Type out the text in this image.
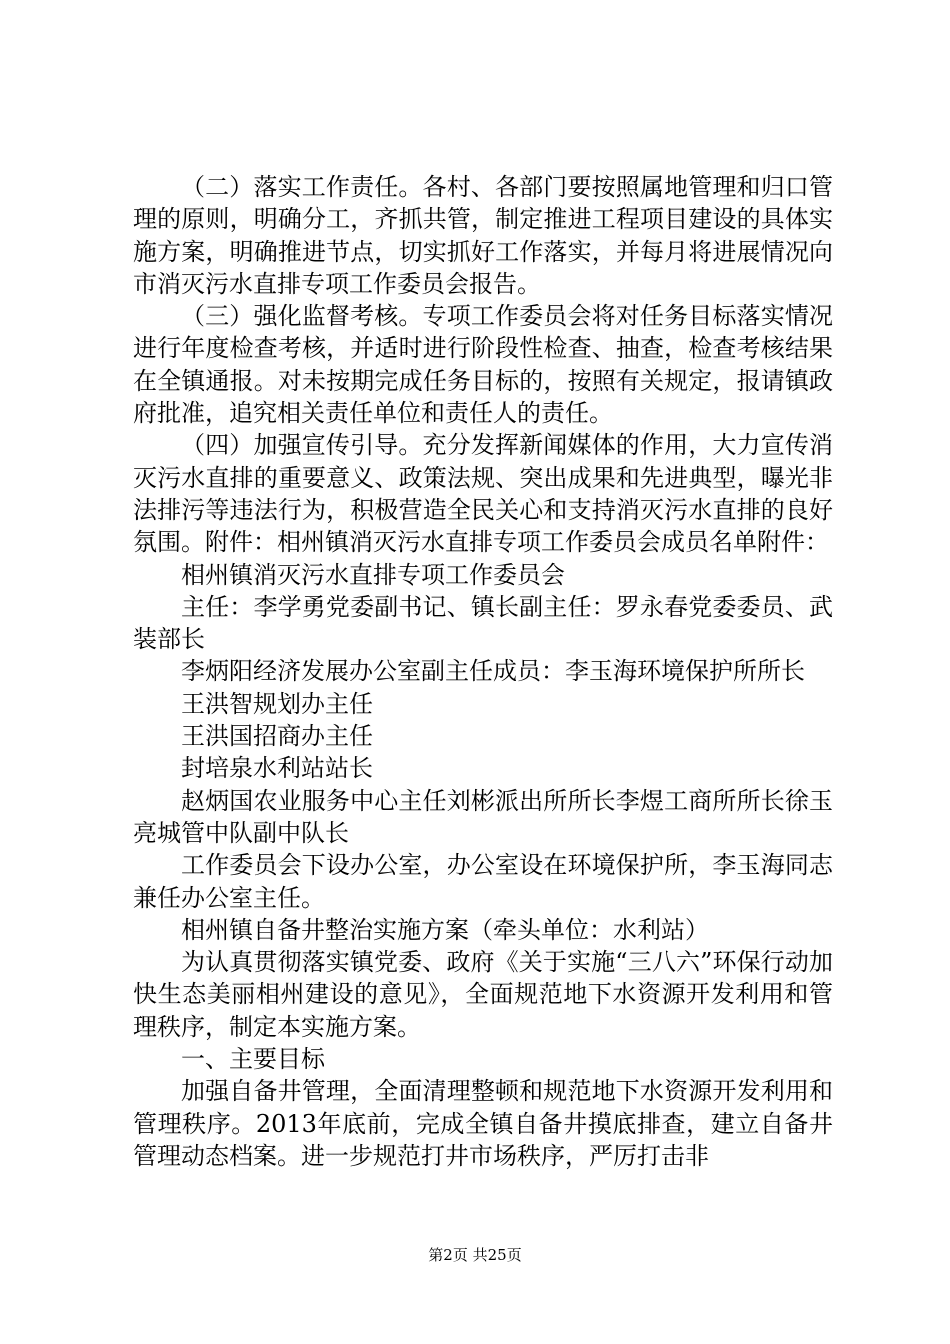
（二）落实工作责任。各村、各部门要按照属地管理和归口管理的原则，明确分工，齐抓共管，制定推进工程项目建设的具体实施方案，明确推进节点，切实抓好工作落实，并每月将进展情况向市消灭污水直排专项工作委员会报告。

（三）强化监督考核。专项工作委员会将对任务目标落实情况进行年度检查考核，并适时进行阶段性检查、抽查，检查考核结果在全镇通报。对未按期完成任务目标的，按照有关规定，报请镇政府批准，追究相关责任单位和责任人的责任。

（四）加强宣传引导。充分发挥新闻媒体的作用，大力宣传消灭污水直排的重要意义、政策法规、突出成果和先进典型，曝光非法排污等违法行为，积极营造全民关心和支持消灭污水直排的良好氛围。附件：相州镇消灭污水直排专项工作委员会成员名单附件：

相州镇消灭污水直排专项工作委员会

主任：李学勇党委副书记、镇长副主任：罗永春党委委员、武装部长

李炳阳经济发展办公室副主任成员：李玉海环境保护所所长

王洪智规划办主任

王洪国招商办主任

封培泉水利站站长

赵炳国农业服务中心主任刘彬派出所所长李煜工商所所长徐玉亮城管中队副中队长

工作委员会下设办公室，办公室设在环境保护所，李玉海同志兼任办公室主任。

相州镇自备井整治实施方案（牵头单位：水利站）

为认真贯彻落实镇党委、政府《关于实施“三八六”环保行动加快生态美丽相州建设的意见》，全面规范地下水资源开发利用和管理秩序，制定本实施方案。

一、主要目标

加强自备井管理，全面清理整顿和规范地下水资源开发利用和管理秩序。2013年底前，完成全镇自备井摸底排查，建立自备井管理动态档案。进一步规范打井市场秩序，严厉打击非

第2页 共25页
